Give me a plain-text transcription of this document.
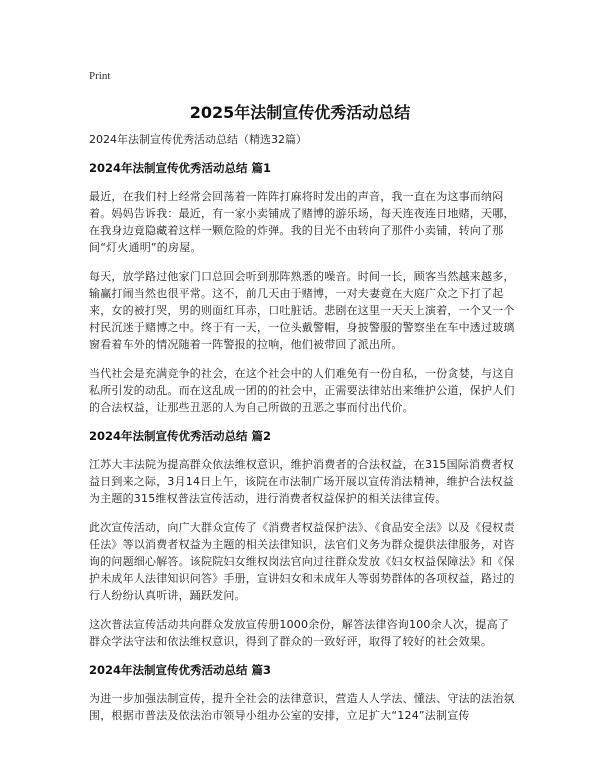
Print
2025年法制宣传优秀活动总结
2024年法制宣传优秀活动总结（精选32篇）
2024年法制宣传优秀活动总结 篇1

最近，在我们村上经常会回荡着一阵阵打麻将时发出的声音，我一直在为这事而纳闷着。妈妈告诉我：最近，有一家小卖铺成了赌博的游乐场，每天连夜连日地赌，天哪，在我身边竟隐藏着这样一颗危险的炸弹。我的目光不由转向了那件小卖铺，转向了那间“灯火通明”的房屋。

每天，放学路过他家门口总回会听到那阵熟悉的噪音。时间一长，顾客当然越来越多，输赢打闹当然也很平常。这不，前几天由于赌博，一对夫妻竟在大庭广众之下打了起来，女的被打哭，男的则面红耳赤，口吐脏话。悲剧在这里一天天上演着，一个又一个村民沉迷于赌博之中。终于有一天，一位头戴警帽，身披警服的警察坐在车中透过玻璃窗看着车外的情况随着一阵警报的拉响，他们被带回了派出所。

当代社会是充满竞争的社会，在这个社会中的人们难免有一份自私，一份贪婪，与这自私所引发的动乱。而在这乱成一团的的社会中，正需要法律站出来维护公道，保护人们的合法权益，让那些丑恶的人为自己所做的丑恶之事而付出代价。

2024年法制宣传优秀活动总结 篇2

江苏大丰法院为提高群众依法维权意识，维护消费者的合法权益，在315国际消费者权益日到来之际，3月14日上午，该院在市法制广场开展以宣传消法精神，维护合法权益为主题的315维权普法宣传活动，进行消费者权益保护的相关法律宣传。

此次宣传活动，向广大群众宣传了《消费者权益保护法》、《食品安全法》以及《侵权责任法》等以消费者权益为主题的相关法律知识，法官们义务为群众提供法律服务，对咨询的问题细心解答。该院院妇女维权岗法官向过往群众发放《妇女权益保障法》和《保护未成年人法律知识问答》手册，宣讲妇女和未成年人等弱势群体的各项权益，路过的行人纷纷认真听讲，踊跃发问。

这次普法宣传活动共向群众发放宣传册1000余份，解答法律咨询100余人次，提高了群众学法守法和依法维权意识，得到了群众的一致好评，取得了较好的社会效果。

2024年法制宣传优秀活动总结 篇3

为进一步加强法制宣传，提升全社会的法律意识，营造人人学法、懂法、守法的法治氛围，根据市普法及依法治市领导小组办公室的安排，立足扩大“124”法制宣传
